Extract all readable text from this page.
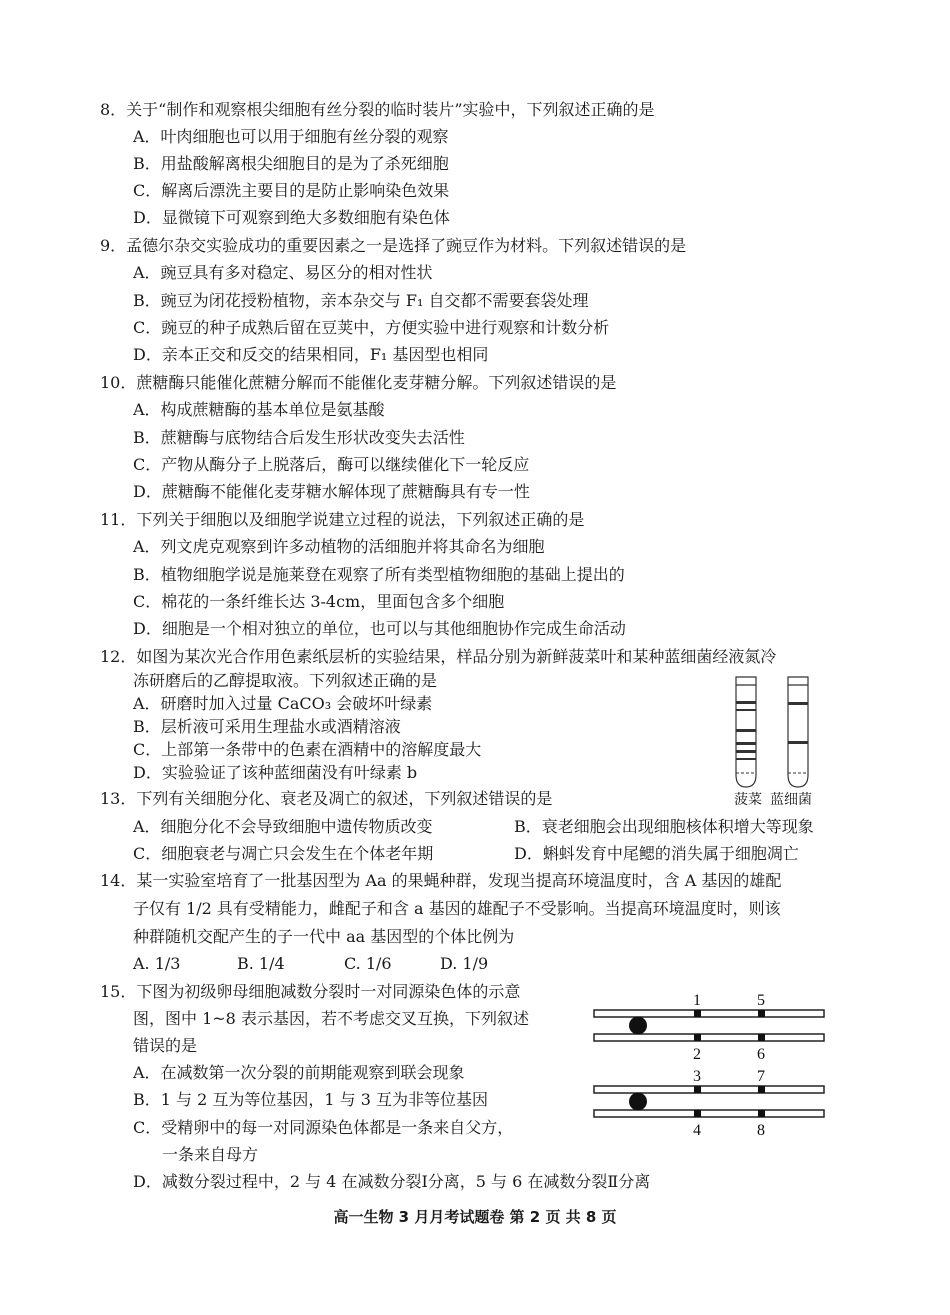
8．关于“制作和观察根尖细胞有丝分裂的临时装片”实验中，下列叙述正确的是
A．叶肉细胞也可以用于细胞有丝分裂的观察
B．用盐酸解离根尖细胞目的是为了杀死细胞
C．解离后漂洗主要目的是防止影响染色效果
D．显微镜下可观察到绝大多数细胞有染色体
9．孟德尔杂交实验成功的重要因素之一是选择了豌豆作为材料。下列叙述错误的是
A．豌豆具有多对稳定、易区分的相对性状
B．豌豆为闭花授粉植物，亲本杂交与 F₁ 自交都不需要套袋处理
C．豌豆的种子成熟后留在豆荚中，方便实验中进行观察和计数分析
D．亲本正交和反交的结果相同，F₁ 基因型也相同
10．蔗糖酶只能催化蔗糖分解而不能催化麦芽糖分解。下列叙述错误的是
A．构成蔗糖酶的基本单位是氨基酸
B．蔗糖酶与底物结合后发生形状改变失去活性
C．产物从酶分子上脱落后，酶可以继续催化下一轮反应
D．蔗糖酶不能催化麦芽糖水解体现了蔗糖酶具有专一性
11．下列关于细胞以及细胞学说建立过程的说法，下列叙述正确的是
A．列文虎克观察到许多动植物的活细胞并将其命名为细胞
B．植物细胞学说是施莱登在观察了所有类型植物细胞的基础上提出的
C．棉花的一条纤维长达 3-4cm，里面包含多个细胞
D．细胞是一个相对独立的单位，也可以与其他细胞协作完成生命活动
12．如图为某次光合作用色素纸层析的实验结果，样品分别为新鲜菠菜叶和某种蓝细菌经液氮冷
冻研磨后的乙醇提取液。下列叙述正确的是
A．研磨时加入过量 CaCO₃ 会破坏叶绿素
B．层析液可采用生理盐水或酒精溶液
C．上部第一条带中的色素在酒精中的溶解度最大
D．实验验证了该种蓝细菌没有叶绿素 b
菠菜 蓝细菌
13．下列有关细胞分化、衰老及凋亡的叙述，下列叙述错误的是
A．细胞分化不会导致细胞中遗传物质改变	B．衰老细胞会出现细胞核体积增大等现象
C．细胞衰老与凋亡只会发生在个体老年期	D．蝌蚪发育中尾鳃的消失属于细胞凋亡
14．某一实验室培育了一批基因型为 Aa 的果蝇种群，发现当提高环境温度时，含 A 基因的雄配
子仅有 1/2 具有受精能力，雌配子和含 a 基因的雄配子不受影响。当提高环境温度时，则该
种群随机交配产生的子一代中 aa 基因型的个体比例为
A. 1/3	B. 1/4	C. 1/6	D. 1/9
15．下图为初级卵母细胞减数分裂时一对同源染色体的示意
图，图中 1~8 表示基因，若不考虑交叉互换，下列叙述
错误的是
A．在减数第一次分裂的前期能观察到联会现象
B．1 与 2 互为等位基因，1 与 3 互为非等位基因
C．受精卵中的每一对同源染色体都是一条来自父方，
一条来自母方
D．减数分裂过程中，2 与 4 在减数分裂Ⅰ分离，5 与 6 在减数分裂Ⅱ分离
1	5
2	6
3	7
4	8
高一生物 3 月月考试题卷 第 2 页 共 8 页
